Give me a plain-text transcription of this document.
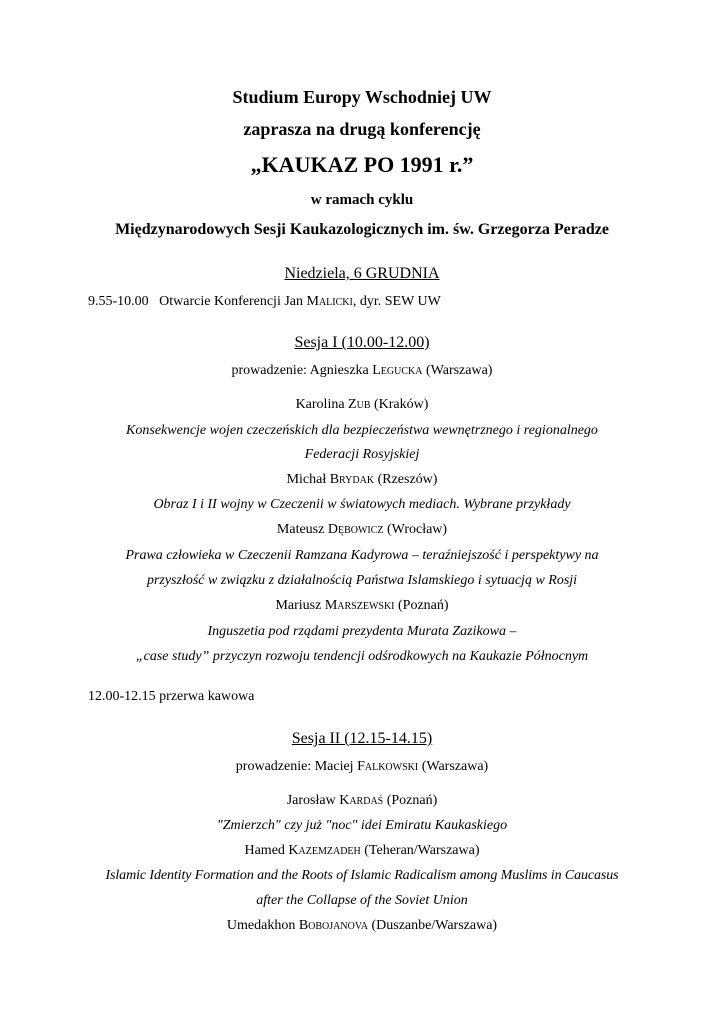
Studium Europy Wschodniej UW
zaprasza na drugą konferencję
„KAUKAZ PO 1991 r.”
w ramach cyklu
Międzynarodowych Sesji Kaukazologicznych im. św. Grzegorza Peradze
Niedziela, 6 GRUDNIA
9.55-10.00 Otwarcie Konferencji Jan Malicki, dyr. SEW UW
Sesja I (10.00-12.00)
prowadzenie: Agnieszka Legucka (Warszawa)
Karolina Zub (Kraków)
Konsekwencje wojen czeczeńskich dla bezpieczeństwa wewnętrznego i regionalnego
Federacji Rosyjskiej
Michał Brydak (Rzeszów)
Obraz I i II wojny w Czeczenii w światowych mediach. Wybrane przykłady
Mateusz Dębowicz (Wrocław)
Prawa człowieka w Czeczenii Ramzana Kadyrowa – teraźniejszość i perspektywy na
przyszłość w związku z działalnością Państwa Islamskiego i sytuacją w Rosji
Mariusz Marszewski (Poznań)
Inguszetia pod rządami prezydenta Murata Zazikowa –
„case study” przyczyn rozwoju tendencji odśrodkowych na Kaukazie Północnym
12.00-12.15 przerwa kawowa
Sesja II (12.15-14.15)
prowadzenie: Maciej Falkowski (Warszawa)
Jarosław Kardaś (Poznań)
"Zmierzch" czy już "noc" idei Emiratu Kaukaskiego
Hamed Kazemzadeh (Teheran/Warszawa)
Islamic Identity Formation and the Roots of Islamic Radicalism among Muslims in Caucasus
after the Collapse of the Soviet Union
Umedakhon Bobojanova (Duszanbe/Warszawa)
